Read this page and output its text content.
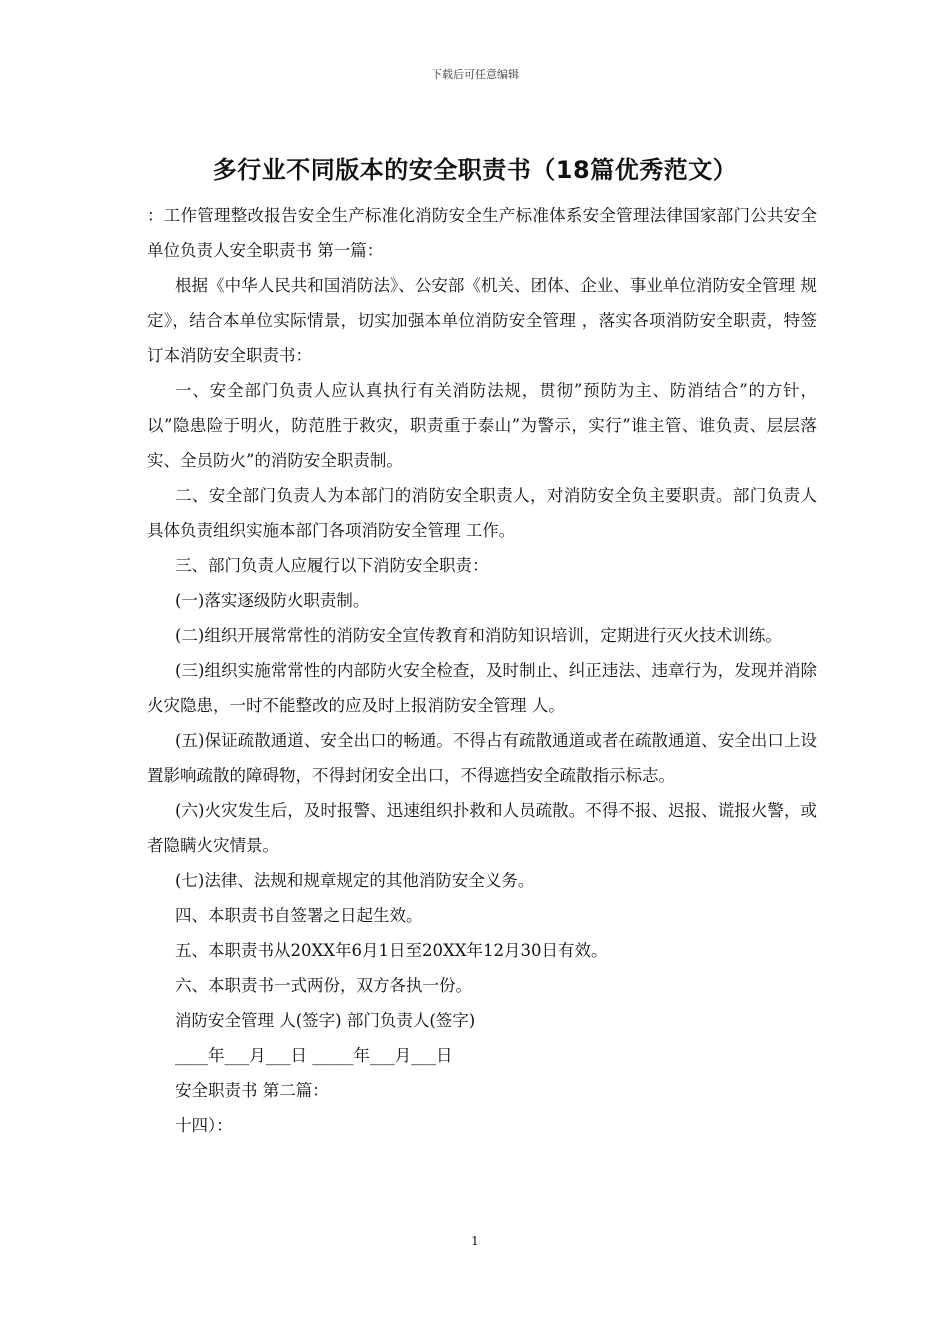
下载后可任意编辑
多行业不同版本的安全职责书（18篇优秀范文）

：工作管理整改报告安全生产标准化消防安全生产标准体系安全管理法律国家部门公共安全单位负责人安全职责书 第一篇：

根据《中华人民共和国消防法》、公安部《机关、团体、企业、事业单位消防安全管理 规定》，结合本单位实际情景，切实加强本单位消防安全管理 ，落实各项消防安全职责，特签订本消防安全职责书：

一、安全部门负责人应认真执行有关消防法规，贯彻”预防为主、防消结合”的方针，以”隐患险于明火，防范胜于救灾，职责重于泰山”为警示，实行”谁主管、谁负责、层层落实、全员防火”的消防安全职责制。

二、安全部门负责人为本部门的消防安全职责人，对消防安全负主要职责。部门负责人具体负责组织实施本部门各项消防安全管理 工作。

三、部门负责人应履行以下消防安全职责：

(一)落实逐级防火职责制。

(二)组织开展常常性的消防安全宣传教育和消防知识培训，定期进行灭火技术训练。

(三)组织实施常常性的内部防火安全检查，及时制止、纠正违法、违章行为，发现并消除火灾隐患，一时不能整改的应及时上报消防安全管理 人。

(五)保证疏散通道、安全出口的畅通。不得占有疏散通道或者在疏散通道、安全出口上设置影响疏散的障碍物，不得封闭安全出口，不得遮挡安全疏散指示标志。

(六)火灾发生后，及时报警、迅速组织扑救和人员疏散。不得不报、迟报、谎报火警，或者隐瞒火灾情景。

(七)法律、法规和规章规定的其他消防安全义务。

四、本职责书自签署之日起生效。

五、本职责书从20XX年6月1日至20XX年12月30日有效。

六、本职责书一式两份，双方各执一份。

消防安全管理 人(签字) 部门负责人(签字)

____年___月___日 _____年___月___日

安全职责书 第二篇：

十四）：

1
